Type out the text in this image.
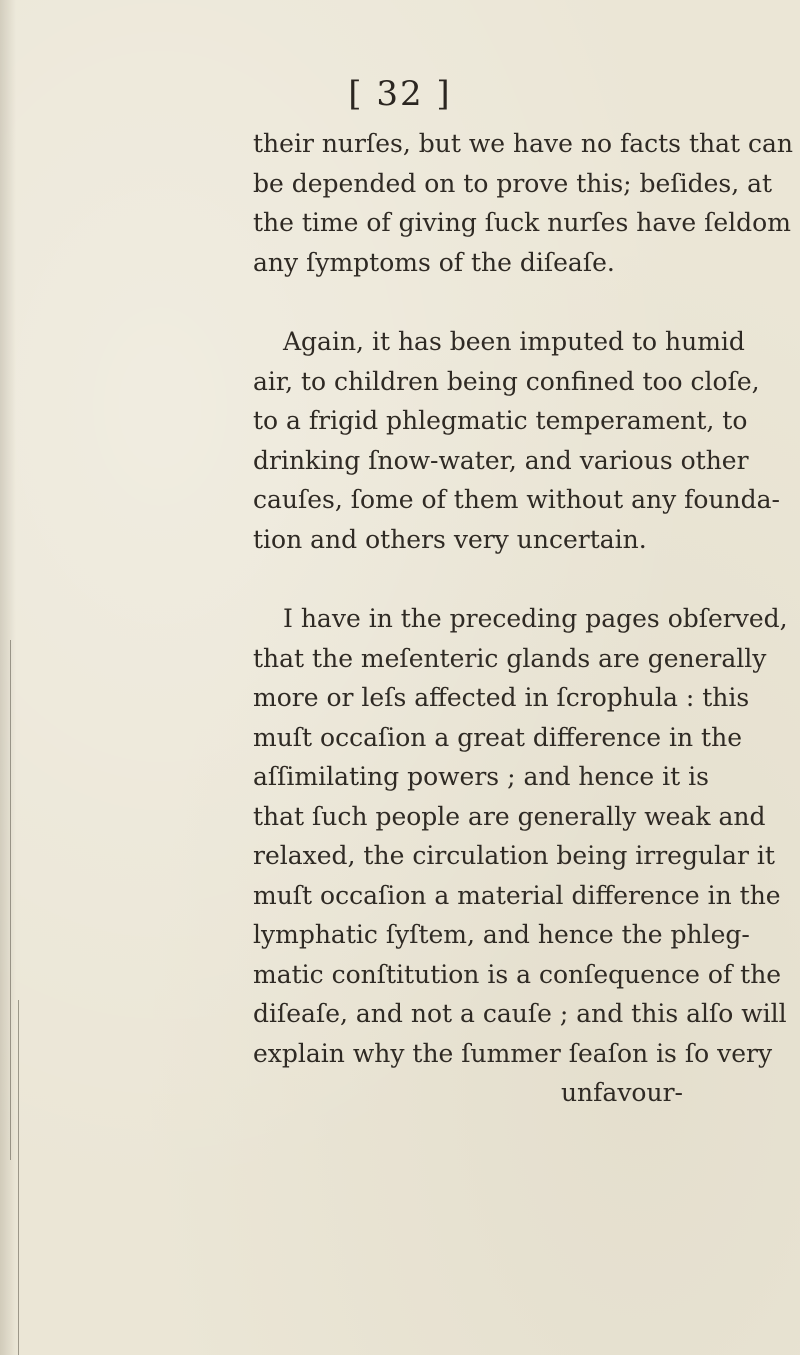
[ 32 ]

their nurſes, but we have no facts that can
be depended on to prove this; beſides, at
the time of giving ſuck nurſes have ſeldom
any ſymptoms of the diſeaſe.

Again, it has been imputed to humid
air, to children being confined too cloſe,
to a frigid phlegmatic temperament, to
drinking ſnow-water, and various other
cauſes, ſome of them without any founda-
tion and others very uncertain.

I have in the preceding pages obſerved,
that the meſenteric glands are generally
more or leſs affected in ſcrophula : this
muſt occaſion a great difference in the
aſſimilating powers ; and hence it is
that ſuch people are generally weak and
relaxed, the circulation being irregular it
muſt occaſion a material difference in the
lymphatic ſyſtem, and hence the phleg-
matic conſtitution is a conſequence of the
diſeaſe, and not a cauſe ; and this alſo will
explain why the ſummer ſeaſon is ſo very

unfavour-
